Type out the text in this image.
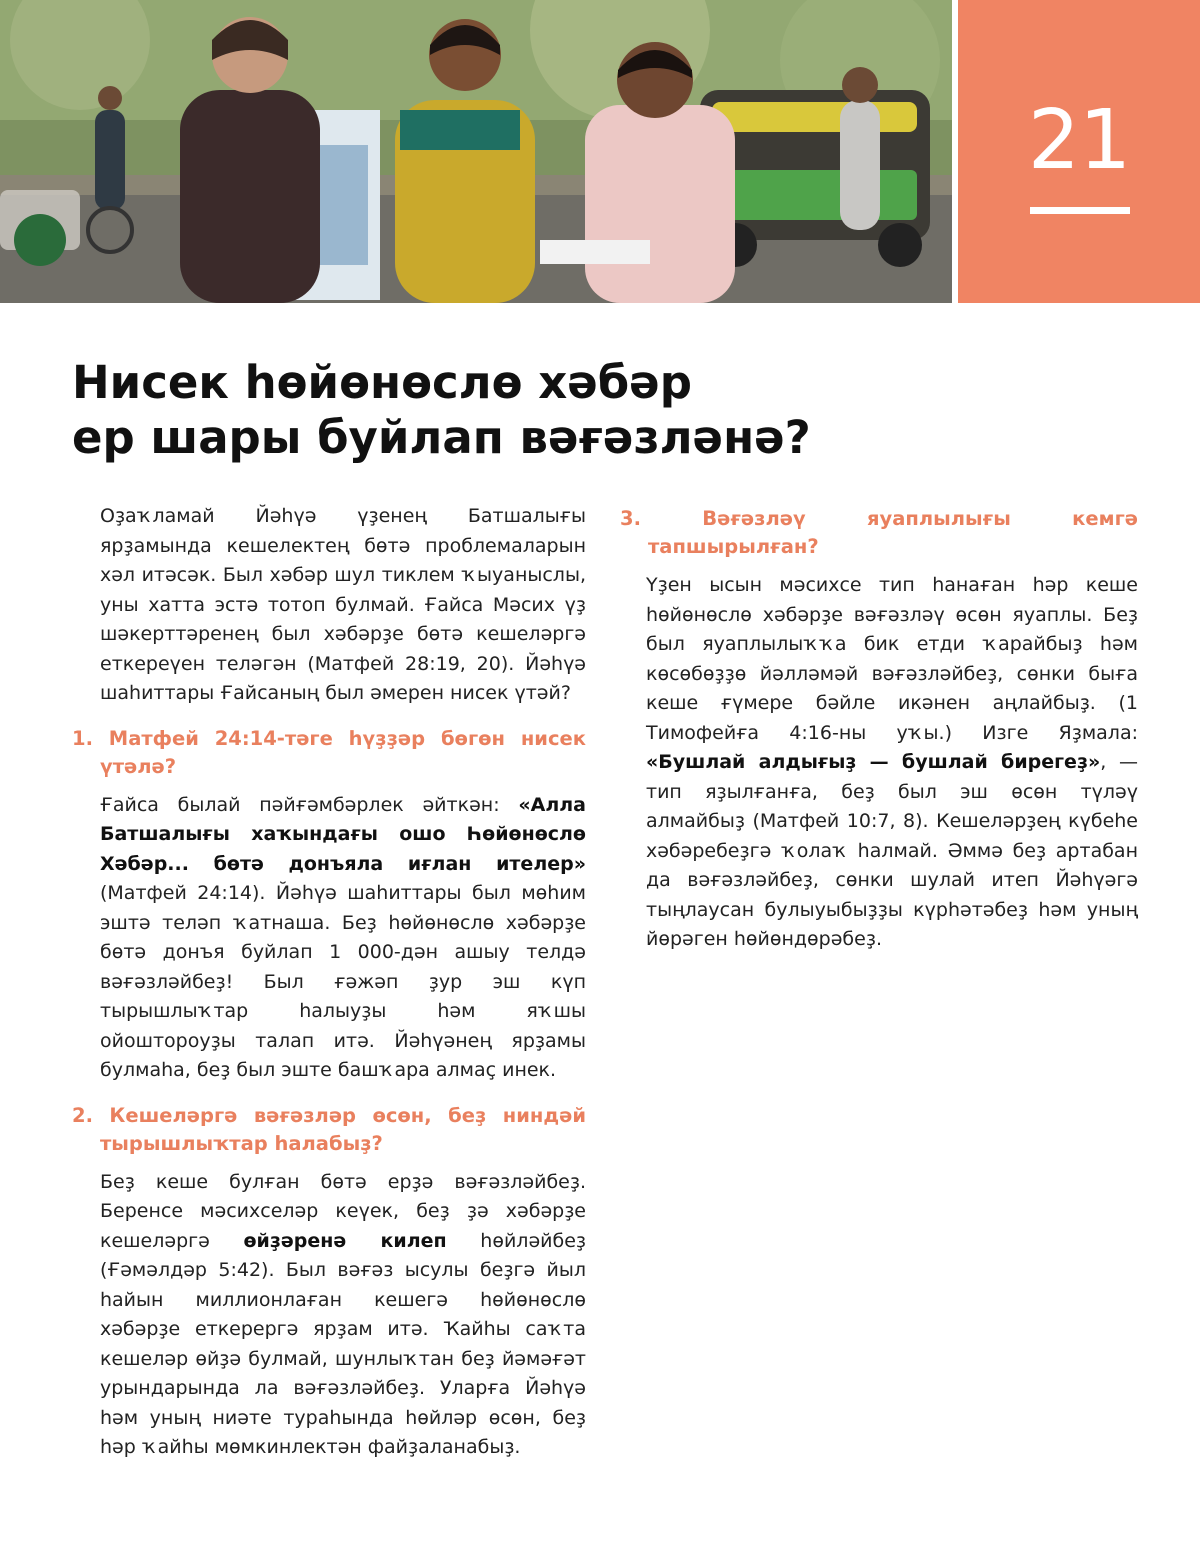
21
Нисек һөйөнөслө хәбәр
ер шары буйлап вәғәзләнә?

Оҙаҡламай Йәһүә үҙенең Батшалығы ярҙамында кешелектең бөтә проблемаларын хәл итәсәк. Был хәбәр шул тиклем ҡыуаныслы, уны хатта эстә тотоп булмай. Ғайса Мәсих үҙ шәкерттәренең был хәбәрҙе бөтә кешеләргә еткереүен теләгән (Матфей 28:19, 20). Йәһүә шаһиттары Ғайсаның был әмерен нисек үтәй?

1. Матфей 24:14-тәге һүҙҙәр бөгөн нисек үтәлә?

Ғайса былай пәйғәмбәрлек әйткән: «Алла Батшалығы хаҡындағы ошо Һөйөнөслө Хәбәр... бөтә донъяла иғлан ителер» (Матфей 24:14). Йәһүә шаһиттары был мөһим эштә теләп ҡатнаша. Беҙ һөйөнөслө хәбәрҙе бөтә донъя буйлап 1 000-дән ашыу телдә вәғәзләйбеҙ! Был ғәжәп ҙур эш күп тырышлыҡтар һалыуҙы һәм яҡшы ойоштороуҙы талап итә. Йәһүәнең ярҙамы булмаһа, беҙ был эште башҡара алмаҫ инек.

2. Кешеләргә вәғәзләр өсөн, беҙ ниндәй тырышлыҡтар һалабыҙ?

Беҙ кеше булған бөтә ерҙә вәғәзләйбеҙ. Беренсе мәсихселәр кеүек, беҙ ҙә хәбәрҙе кешеләргә өйҙәренә килеп һөйләйбеҙ (Ғәмәлдәр 5:42). Был вәғәз ысулы беҙгә йыл һайын миллионлаған кешегә һөйөнөслө хәбәрҙе еткерергә ярҙам итә. Ҡайһы саҡта кешеләр өйҙә булмай, шунлыҡтан беҙ йәмәғәт урындарында ла вәғәзләйбеҙ. Уларға Йәһүә һәм уның ниәте тураһында һөйләр өсөн, беҙ һәр ҡайһы мөмкинлектән файҙаланабыҙ.

3. Вәғәзләү яуаплылығы кемгә тапшырылған?

Үҙен ысын мәсихсе тип һанаған һәр кеше һөйөнөслө хәбәрҙе вәғәзләү өсөн яуаплы. Беҙ был яуаплылыҡҡа бик етди ҡарайбыҙ һәм көсөбөҙҙө йәлләмәй вәғәзләйбеҙ, сөнки быға кеше ғүмере бәйле икәнен аңлайбыҙ. (1 Тимофейға 4:16-ны уҡы.) Изге Яҙмала: «Бушлай алдығыҙ — бушлай бирегеҙ», — тип яҙылғанға, беҙ был эш өсөн түләү алмайбыҙ (Матфей 10:7, 8). Кешеләрҙең күбеһе хәбәребеҙгә ҡолаҡ һалмай. Әммә беҙ артабан да вәғәзләйбеҙ, сөнки шулай итеп Йәһүәгә тыңлаусан булыуыбыҙҙы күрһәтәбеҙ һәм уның йөрәген һөйөндөрәбеҙ.
